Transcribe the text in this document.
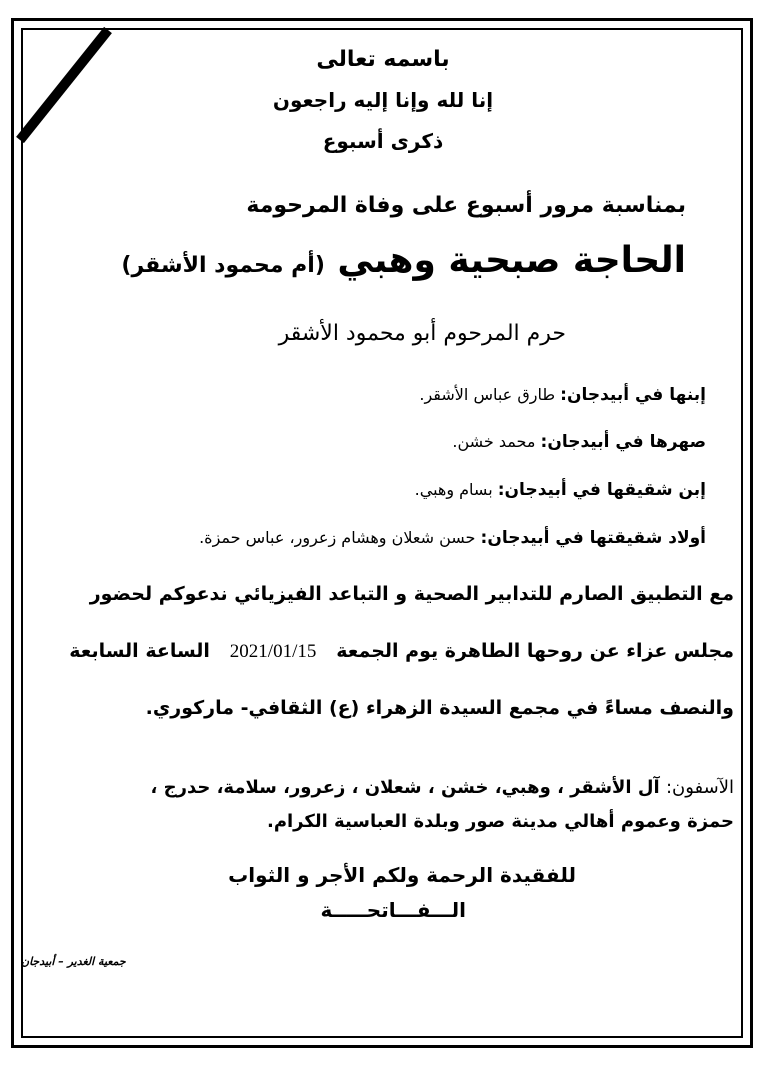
باسمه تعالى
إنا لله وإنا إليه راجعون
ذكرى أسبوع
بمناسبة مرور أسبوع على وفاة المرحومة
الحاجة صبحية وهبي (أم محمود الأشقر)
حرم المرحوم أبو محمود الأشقر
إبنها في أبيدجان: طارق عباس الأشقر.
صهرها في أبيدجان: محمد خشن.
إبن شقيقها في أبيدجان: بسام وهبي.
أولاد شقيقتها في أبيدجان: حسن شعلان وهشام زعرور، عباس حمزة.
مع التطبيق الصارم للتدابير الصحية و التباعد الفيزيائي ندعوكم لحضور
مجلس عزاء عن روحها الطاهرة يوم الجمعة   2021/01/15   الساعة السابعة
والنصف مساءً في مجمع السيدة الزهراء (ع) الثقافي- ماركوري.
الآسفون: آل الأشقر ، وهبي، خشن ، شعلان ، زعرور، سلامة، حدرج ،
حمزة وعموم أهالي مدينة صور وبلدة العباسية الكرام.
للفقيدة الرحمة ولكم الأجر و الثواب
الـــفـــاتحـــــة
جمعية الغدير – أبيدجان
